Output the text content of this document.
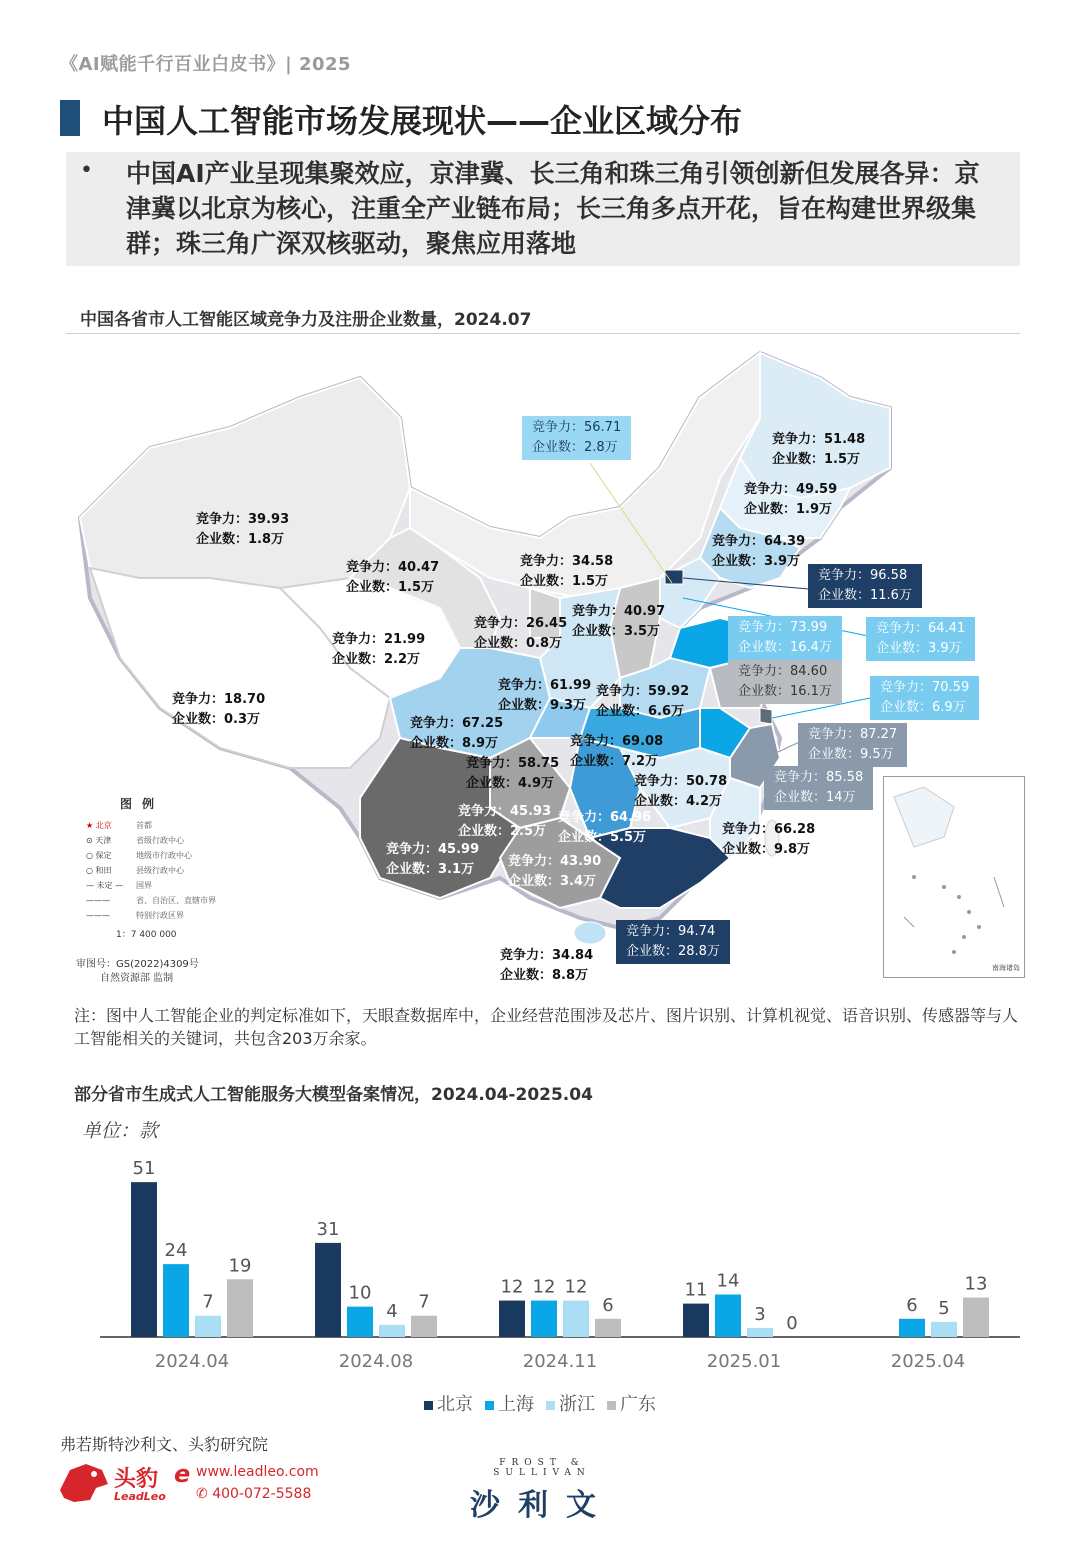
《AI赋能千行百业白皮书》| 2025
中国人工智能市场发展现状——企业区域分布
• 中国AI产业呈现集聚效应，京津冀、长三角和珠三角引领创新但发展各异：京津冀以北京为核心，注重全产业链布局；长三角多点开花，旨在构建世界级集群；珠三角广深双核驱动，聚焦应用落地
中国各省市人工智能区域竞争力及注册企业数量，2024.07
竞争力：39.93
企业数：1.8万
竞争力：18.70
企业数：0.3万
竞争力：21.99
企业数：2.2万
竞争力：40.47
企业数：1.5万
竞争力：34.58
企业数：1.5万
竞争力：26.45
企业数：0.8万
竞争力：40.97
企业数：3.5万
竞争力：61.99
企业数：9.3万
竞争力：59.92
企业数：6.6万
竞争力：67.25
企业数：8.9万	竞争力：69.08
企业数：7.2万
竞争力：58.75
企业数：4.9万	竞争力：50.78
企业数：4.2万
竞争力：45.93
企业数：2.5万
竞争力：64.96
企业数：5.5万
竞争力：45.99
企业数：3.1万
竞争力：43.90
企业数：3.4万
竞争力：66.28
企业数：9.8万
竞争力：34.84
企业数：8.8万
竞争力：51.48
企业数：1.5万
竞争力：49.59
企业数：1.9万
竞争力：64.39
企业数：3.9万
竞争力：56.71
企业数：2.8万
竞争力：96.58
企业数：11.6万
竞争力：73.99
企业数：16.4万
竞争力：64.41
企业数：3.9万
竞争力：84.60
企业数：16.1万	竞争力：70.59
企业数：6.9万
竞争力：87.27
企业数：9.5万
竞争力：85.58
企业数：14万
竞争力：94.74
企业数：28.8万
图例
★ 北京	首都
⊙ 天津	省级行政中心
○ 保定	地级市行政中心
○ 和田	县级行政中心
— 未定 —	国界
———	省、自治区、直辖市界
———	特别行政区界
1：7 400 000
审图号：GS(2022)4309号
自然资源部 监制
南海诸岛
注：图中人工智能企业的判定标准如下，天眼查数据库中，企业经营范围涉及芯片、图片识别、计算机视觉、语音识别、传感器等与人工智能相关的关键词，共包含203万余家。
部分省市生成式人工智能服务大模型备案情况，2024.04-2025.04
单位：款
51
24
7
19
2024.04
31
10
4 7
2024.08
12 12 12
6
2024.11
11 14
3 0
2025.01
6 5
13
2025.04
北京 上海 浙江 广东
弗若斯特沙利文、头豹研究院
头豹
LeadLeo
e www.leadleo.com
✆ 400-072-5588
FROST & SULLIVAN
沙利文
